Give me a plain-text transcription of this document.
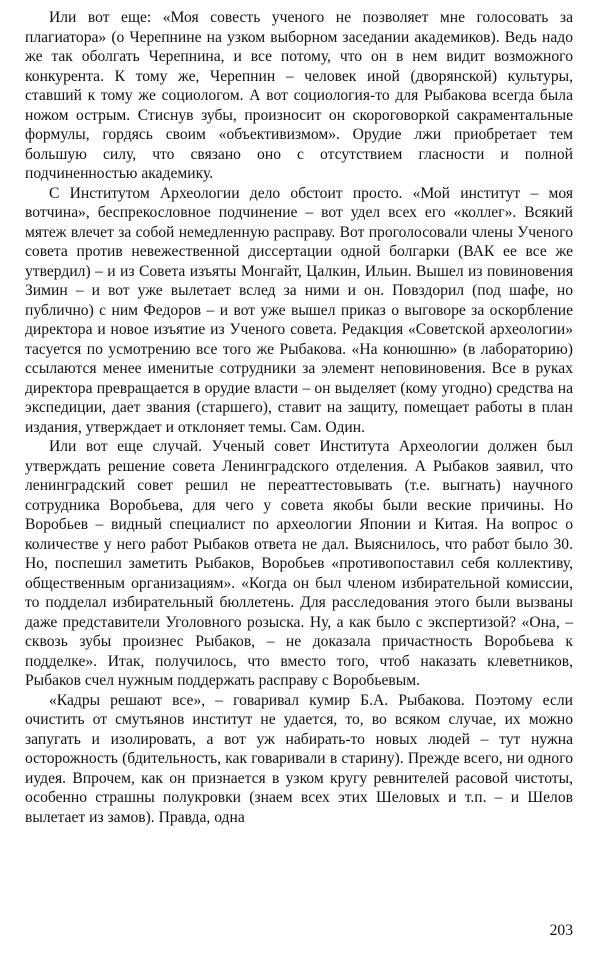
Или вот еще: «Моя совесть ученого не позволяет мне голосовать за плагиатора» (о Черепнине на узком выборном заседании академиков). Ведь надо же так оболгать Черепнина, и все потому, что он в нем видит возможного конкурента. К тому же, Черепнин – человек иной (дворянской) культуры, ставший к тому же социологом. А вот социология-то для Рыбакова всегда была ножом острым. Стиснув зубы, произносит он скороговоркой сакраментальные формулы, гордясь своим «объективизмом». Орудие лжи приобретает тем большую силу, что связано оно с отсутствием гласности и полной подчиненностью академику.

С Институтом Археологии дело обстоит просто. «Мой институт – моя вотчина», беспрекословное подчинение – вот удел всех его «коллег». Всякий мятеж влечет за собой немедленную расправу. Вот проголосовали члены Ученого совета против невежественной диссертации одной болгарки (ВАК ее все же утвердил) – и из Совета изъяты Монгайт, Цалкин, Ильин. Вышел из повиновения Зимин – и вот уже вылетает вслед за ними и он. Повздорил (под шафе, но публично) с ним Федоров – и вот уже вышел приказ о выговоре за оскорбление директора и новое изъятие из Ученого совета. Редакция «Советской археологии» тасуется по усмотрению все того же Рыбакова. «На конюшню» (в лабораторию) ссылаются менее именитые сотрудники за элемент неповиновения. Все в руках директора превращается в орудие власти – он выделяет (кому угодно) средства на экспедиции, дает звания (старшего), ставит на защиту, помещает работы в план издания, утверждает и отклоняет темы. Сам. Один.

Или вот еще случай. Ученый совет Института Археологии должен был утверждать решение совета Ленинградского отделения. А Рыбаков заявил, что ленинградский совет решил не переаттестовывать (т.е. выгнать) научного сотрудника Воробьева, для чего у совета якобы были веские причины. Но Воробьев – видный специалист по археологии Японии и Китая. На вопрос о количестве у него работ Рыбаков ответа не дал. Выяснилось, что работ было 30. Но, поспешил заметить Рыбаков, Воробьев «противопоставил себя коллективу, общественным организациям». «Когда он был членом избирательной комиссии, то подделал избирательный бюллетень. Для расследования этого были вызваны даже представители Уголовного розыска. Ну, а как было с экспертизой? «Она, – сквозь зубы произнес Рыбаков, – не доказала причастность Воробьева к подделке». Итак, получилось, что вместо того, чтоб наказать клеветников, Рыбаков счел нужным поддержать расправу с Воробьевым.

«Кадры решают все», – говаривал кумир Б.А. Рыбакова. Поэтому если очистить от смутьянов институт не удается, то, во всяком случае, их можно запугать и изолировать, а вот уж набирать-то новых людей – тут нужна осторожность (бдительность, как говаривали в старину). Прежде всего, ни одного иудея. Впрочем, как он признается в узком кругу ревнителей расовой чистоты, особенно страшны полукровки (знаем всех этих Шеловых и т.п. – и Шелов вылетает из замов). Правда, одна

203
